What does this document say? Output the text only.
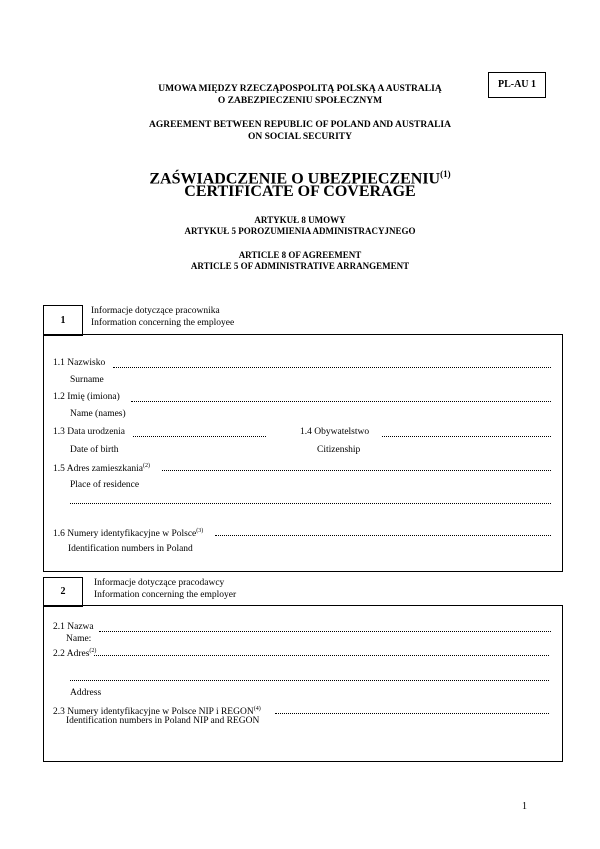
PL-AU 1
UMOWA MIĘDZY RZECZĄPOSPOLITĄ POLSKĄ A AUSTRALIĄ
O ZABEZPIECZENIU SPOŁECZNYM
AGREEMENT BETWEEN REPUBLIC OF POLAND AND AUSTRALIA
ON SOCIAL SECURITY
ZAŚWIADCZENIE O UBEZPIECZENIU$^{(1)}$
CERTIFICATE OF COVERAGE
ARTYKUŁ 8 UMOWY
ARTYKUŁ 5 POROZUMIENIA ADMINISTRACYJNEGO
ARTICLE 8 OF AGREEMENT
ARTICLE 5 OF ADMINISTRATIVE ARRANGEMENT
1
Informacje dotyczące pracownika
Information concerning the employee
1.1 Nazwisko
Surname
1.2 Imię (imiona)
Name (names)
1.3 Data urodzenia
Date of birth
1.4 Obywatelstwo
Citizenship
1.5 Adres zamieszkania$^{(2)}$
Place of residence
1.6 Numery identyfikacyjne w Polsce$^{(3)}$
Identification numbers in Poland
2
Informacje dotyczące pracodawcy
Information concerning the employer
2.1 Nazwa
Name:
2.2 Adres$^{(2)}$
Address
2.3 Numery identyfikacyjne w Polsce NIP i REGON$^{(4)}$
Identification numbers in Poland NIP and REGON
1
